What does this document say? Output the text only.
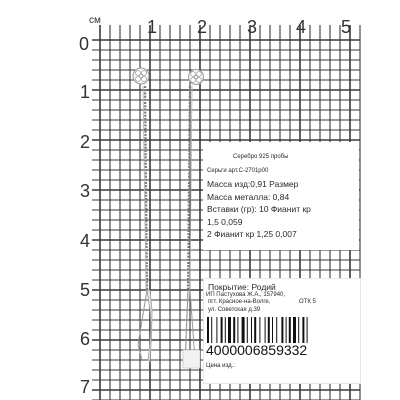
см	1 2 3 4 5
0
1
2
3
4
5
6
7
Серебро 925 пробы
Серьги арт.С-2701р00
Масса изд:0,91 Размер
Масса металла: 0,84
Вставки (гр): 10 Фианит кр
1,5 0,059
2 Фианит кр 1,25 0,007
Покрытие: Родий
ИП Пастухова Ж.А., 157940,
пгт. Красное-на-Волге,
ул. Советская д.39
ОТК 5
4000006859332
Цена изд.:
